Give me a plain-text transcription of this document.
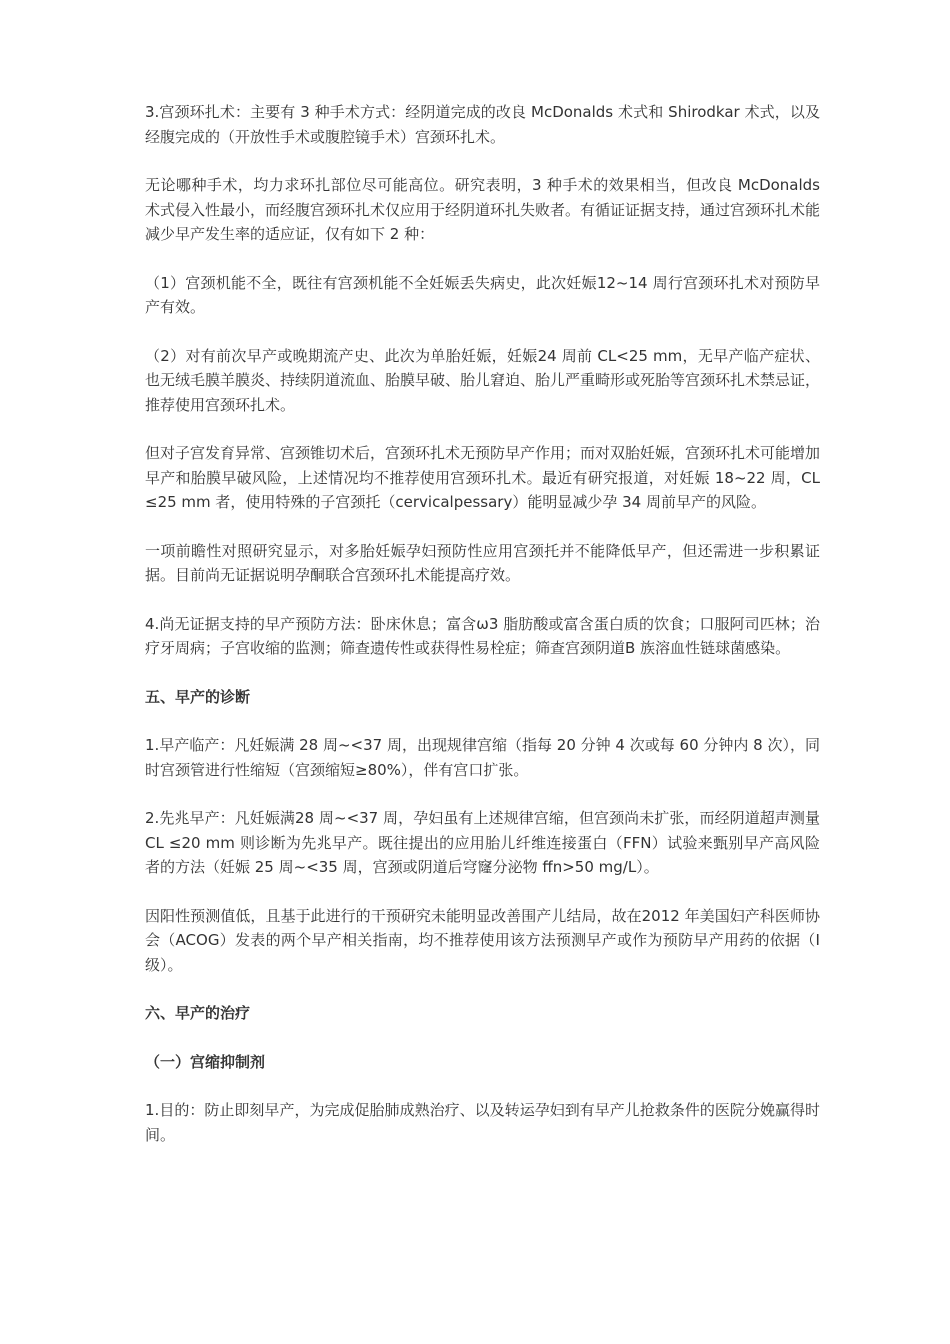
3.宫颈环扎术：主要有 3 种手术方式：经阴道完成的改良 McDonalds 术式和 Shirodkar 术式，以及经腹完成的（开放性手术或腹腔镜手术）宫颈环扎术。

无论哪种手术，均力求环扎部位尽可能高位。研究表明，3 种手术的效果相当，但改良 McDonalds 术式侵入性最小，而经腹宫颈环扎术仅应用于经阴道环扎失败者。有循证证据支持，通过宫颈环扎术能减少早产发生率的适应证，仅有如下 2 种：

（1）宫颈机能不全，既往有宫颈机能不全妊娠丢失病史，此次妊娠12~14 周行宫颈环扎术对预防早产有效。

（2）对有前次早产或晚期流产史、此次为单胎妊娠，妊娠24 周前 CL<25 mm，无早产临产症状、也无绒毛膜羊膜炎、持续阴道流血、胎膜早破、胎儿窘迫、胎儿严重畸形或死胎等宫颈环扎术禁忌证，推荐使用宫颈环扎术。

但对子宫发育异常、宫颈锥切术后，宫颈环扎术无预防早产作用；而对双胎妊娠，宫颈环扎术可能增加早产和胎膜早破风险，上述情况均不推荐使用宫颈环扎术。最近有研究报道，对妊娠 18~22 周，CL ≤25 mm 者，使用特殊的子宫颈托（cervicalpessary）能明显减少孕 34 周前早产的风险。

一项前瞻性对照研究显示，对多胎妊娠孕妇预防性应用宫颈托并不能降低早产，但还需进一步积累证据。目前尚无证据说明孕酮联合宫颈环扎术能提高疗效。

4.尚无证据支持的早产预防方法：卧床休息；富含ω3 脂肪酸或富含蛋白质的饮食；口服阿司匹林；治疗牙周病；子宫收缩的监测；筛查遗传性或获得性易栓症；筛查宫颈阴道B 族溶血性链球菌感染。

五、早产的诊断

1.早产临产：凡妊娠满 28 周~<37 周，出现规律宫缩（指每 20 分钟 4 次或每 60 分钟内 8 次），同时宫颈管进行性缩短（宫颈缩短≥80%），伴有宫口扩张。

2.先兆早产：凡妊娠满28 周~<37 周，孕妇虽有上述规律宫缩，但宫颈尚未扩张，而经阴道超声测量 CL ≤20 mm 则诊断为先兆早产。既往提出的应用胎儿纤维连接蛋白（FFN）试验来甄别早产高风险者的方法（妊娠 25 周~<35 周，宫颈或阴道后穹窿分泌物 ffn>50 mg/L）。

因阳性预测值低，且基于此进行的干预研究未能明显改善围产儿结局，故在2012 年美国妇产科医师协会（ACOG）发表的两个早产相关指南，均不推荐使用该方法预测早产或作为预防早产用药的依据（Ⅰ级）。

六、早产的治疗
（一）宫缩抑制剂

1.目的：防止即刻早产，为完成促胎肺成熟治疗、以及转运孕妇到有早产儿抢救条件的医院分娩赢得时间。
